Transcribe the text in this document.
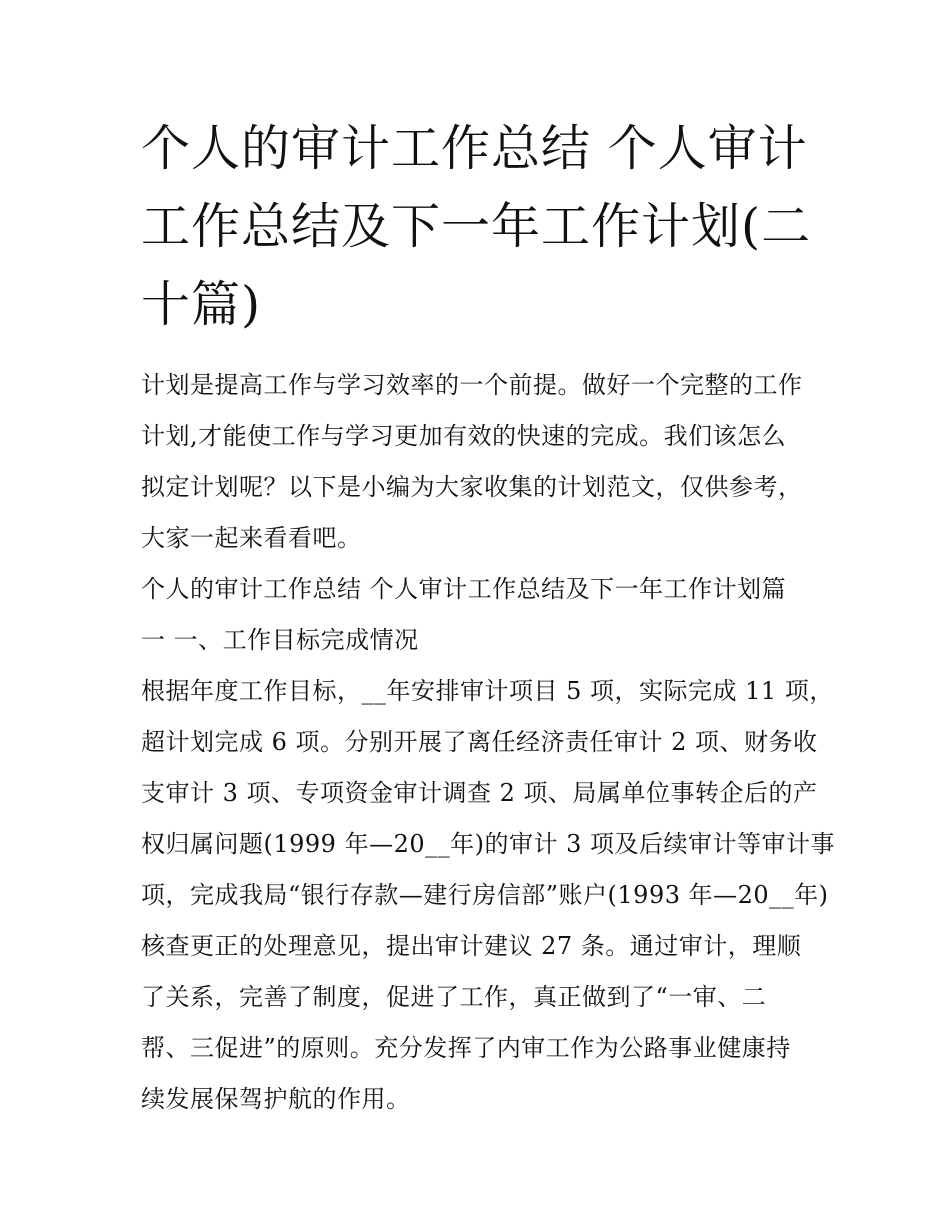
个人的审计工作总结 个人审计
工作总结及下一年工作计划(二
十篇)
计划是提高工作与学习效率的一个前提。做好一个完整的工作
计划,才能使工作与学习更加有效的快速的完成。我们该怎么
拟定计划呢？以下是小编为大家收集的计划范文，仅供参考，
大家一起来看看吧。
个人的审计工作总结 个人审计工作总结及下一年工作计划篇
一 一、工作目标完成情况
根据年度工作目标，__年安排审计项目 5 项，实际完成 11 项，
超计划完成 6 项。分别开展了离任经济责任审计 2 项、财务收
支审计 3 项、专项资金审计调查 2 项、局属单位事转企后的产
权归属问题(1999 年—20__年)的审计 3 项及后续审计等审计事
项，完成我局“银行存款—建行房信部”账户(1993 年—20__年)
核查更正的处理意见，提出审计建议 27 条。通过审计，理顺
了关系，完善了制度，促进了工作，真正做到了“一审、二
帮、三促进”的原则。充分发挥了内审工作为公路事业健康持
续发展保驾护航的作用。
